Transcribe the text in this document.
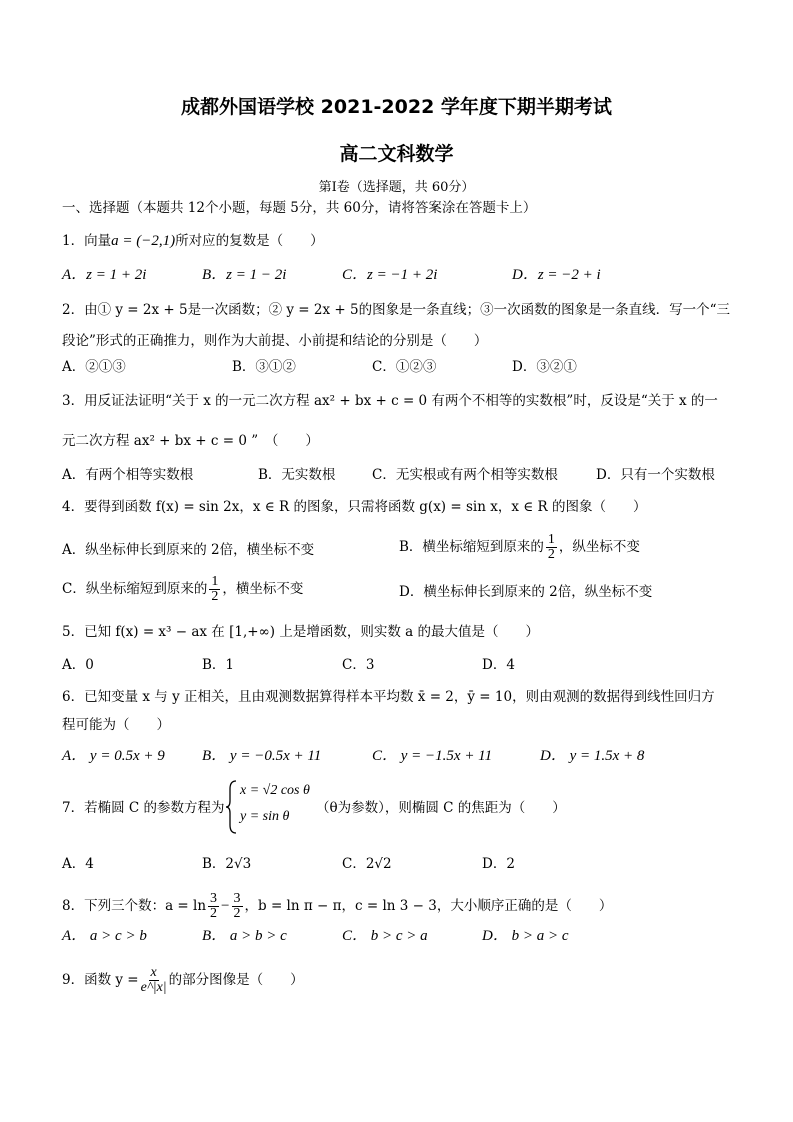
成都外国语学校 2021-2022 学年度下期半期考试
高二文科数学
第Ⅰ卷（选择题，共 60分）
一、选择题（本题共 12个小题，每题 5分，共 60分，请将答案涂在答题卡上）
1．向量a = (−2,1)所对应的复数是（　　）
A．z = 1 + 2i	B．z = 1 − 2i	C．z = −1 + 2i	D．z = −2 + i
2．由① y = 2x + 5是一次函数；② y = 2x + 5的图象是一条直线；③一次函数的图象是一条直线．写一个“三
段论”形式的正确推力，则作为大前提、小前提和结论的分别是（　　）
A．②①③	B．③①②	C．①②③	D．③②①
3．用反证法证明“关于 x 的一元二次方程 ax² + bx + c = 0 有两个不相等的实数根”时，反设是“关于 x 的一
元二次方程 ax² + bx + c = 0 ”　（　　）
A．有两个相等实数根	B．无实数根	C．无实根或有两个相等实数根	D．只有一个实数根
4．要得到函数 f(x) = sin 2x，x ∈ R 的图象，只需将函数 g(x) = sin x，x ∈ R 的图象（　　）
A．纵坐标伸长到原来的 2倍，横坐标不变	B．横坐标缩短到原来的 $\frac{1}{2}$ ，纵坐标不变
C．纵坐标缩短到原来的 $\frac{1}{2}$ ，横坐标不变	D．横坐标伸长到原来的 2倍，纵坐标不变
5．已知 f(x) = x³ − ax 在 [1,+∞) 上是增函数，则实数 a 的最大值是（　　）
A．0	B．1	C．3	D．4
6．已知变量 x 与 y 正相关，且由观测数据算得样本平均数 x̄ = 2，ȳ = 10，则由观测的数据得到线性回归方
程可能为（　　）
A． y = 0.5x + 9 B． y = −0.5x + 11	C． y = −1.5x + 11	D． y = 1.5x + 8
7．若椭圆 C 的参数方程为
x = √2 cos θ
y = sin θ
（θ为参数），则椭圆 C 的焦距为（　　）
A．4	B．2√3	C．2√2	D．2
8．下列三个数：$a = \ln \frac{3}{2} - \frac{3}{2}$ ，b = ln π − π，c = ln 3 − 3，大小顺序正确的是（　　）
A． a > c > b	B． a > b > c	C． b > c > a	D． b > a > c
9．函数 $y = \frac{x}{e\^{}|x|}$ 的部分图像是（　　）
